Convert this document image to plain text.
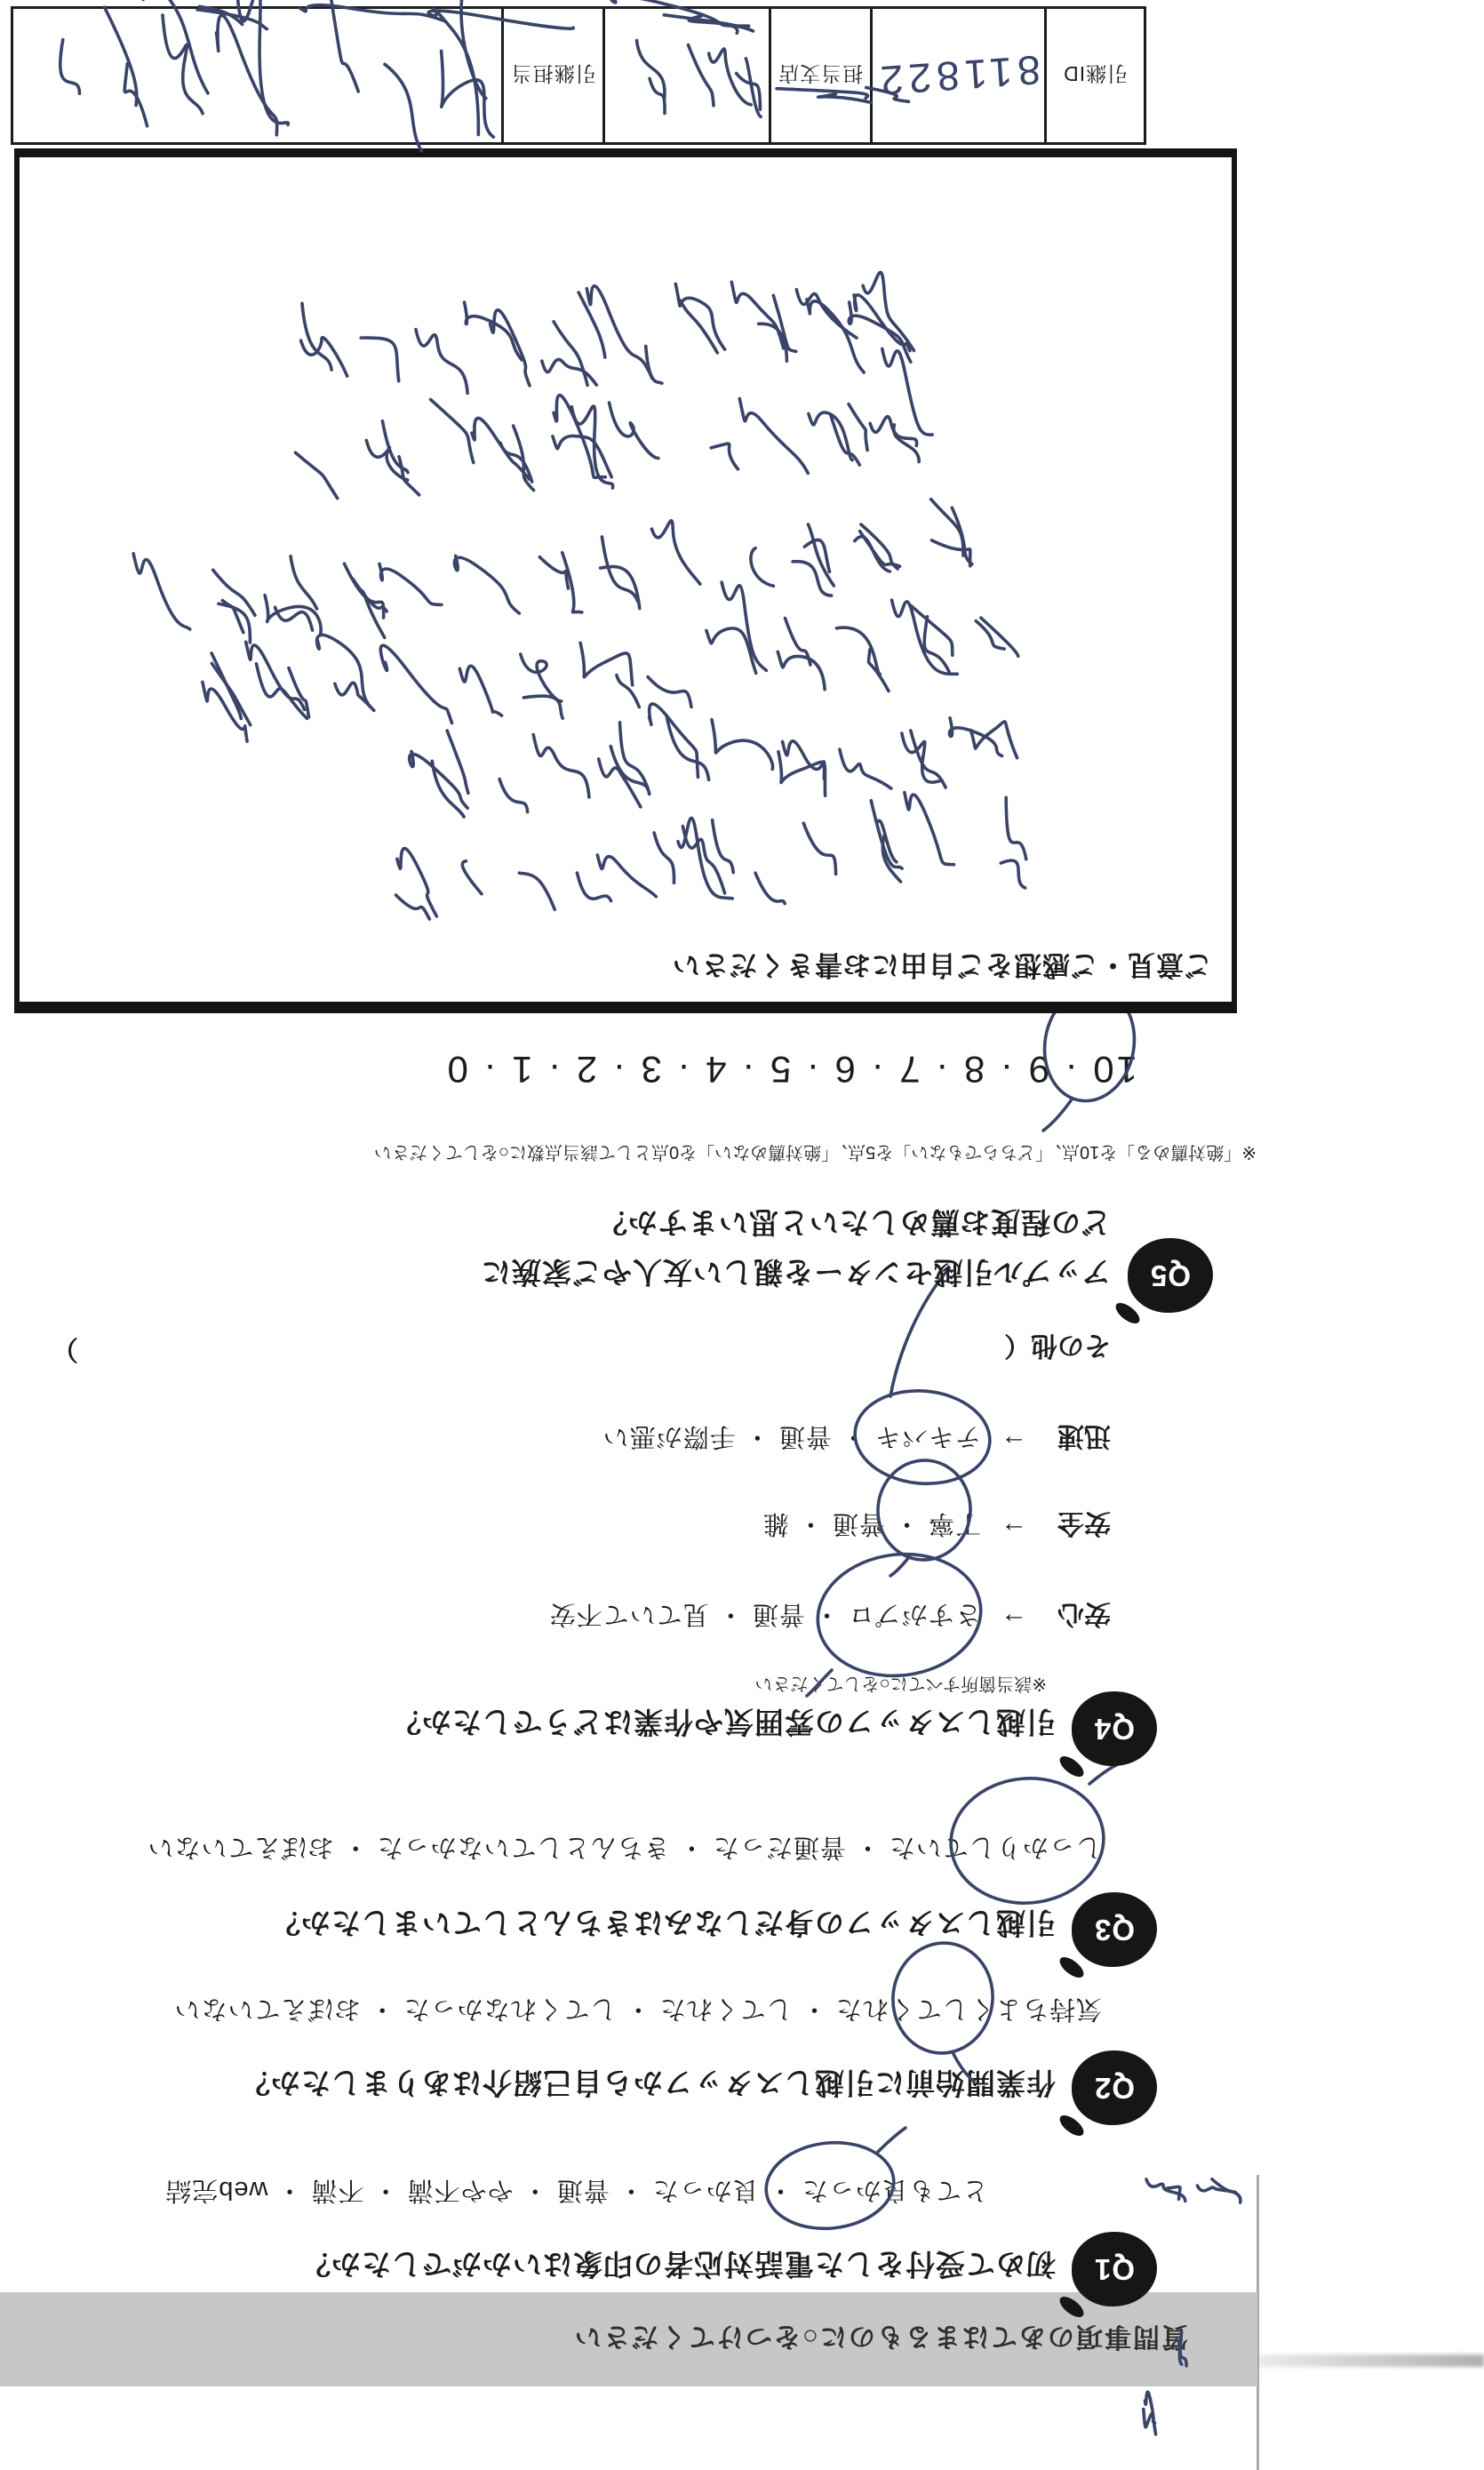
質問事項のあてはまるものに○をつけてください
Q1
初めて受付をした電話対応者の印象はいかがでしたか？
とても良かった ・ 良かった ・ 普通 ・ やや不満 ・ 不満 ・ web完結
Q2
作業開始前に引越しスタッフから自己紹介はありましたか？
気持ちよくしてくれた ・ してくれた ・ してくれなかった ・ おぼえていない
Q3
引越しスタッフの身だしなみはきちんとしていましたか？
しっかりしていた ・ 普通だった ・ きちんとしていなかった ・ おぼえていない
Q4
引越しスタッフの雰囲気や作業はどうでしたか？
※該当箇所すべてに○をしてください
安心
→
さすがプロ ・ 普通 ・ 見ていて不安
安全
→
丁寧 ・ 普通 ・ 雑
迅速
→
テキパキ ・ 普通 ・ 手際が悪い
その他（
）
Q5
アップル引越センターを親しい友人やご家族に
どの程度お薦めしたいと思いますか？
※「絶対薦める」を10点、「どちらでもない」を5点、「絶対薦めない」を0点として該当点数に○をしてください
10 · 9 · 8 · 7 · 6 · 5 · 4 · 3 · 2 · 1 · 0
ご意見・ご感想をご自由にお書きください
引継ID
811822
担当支店
引継担当
